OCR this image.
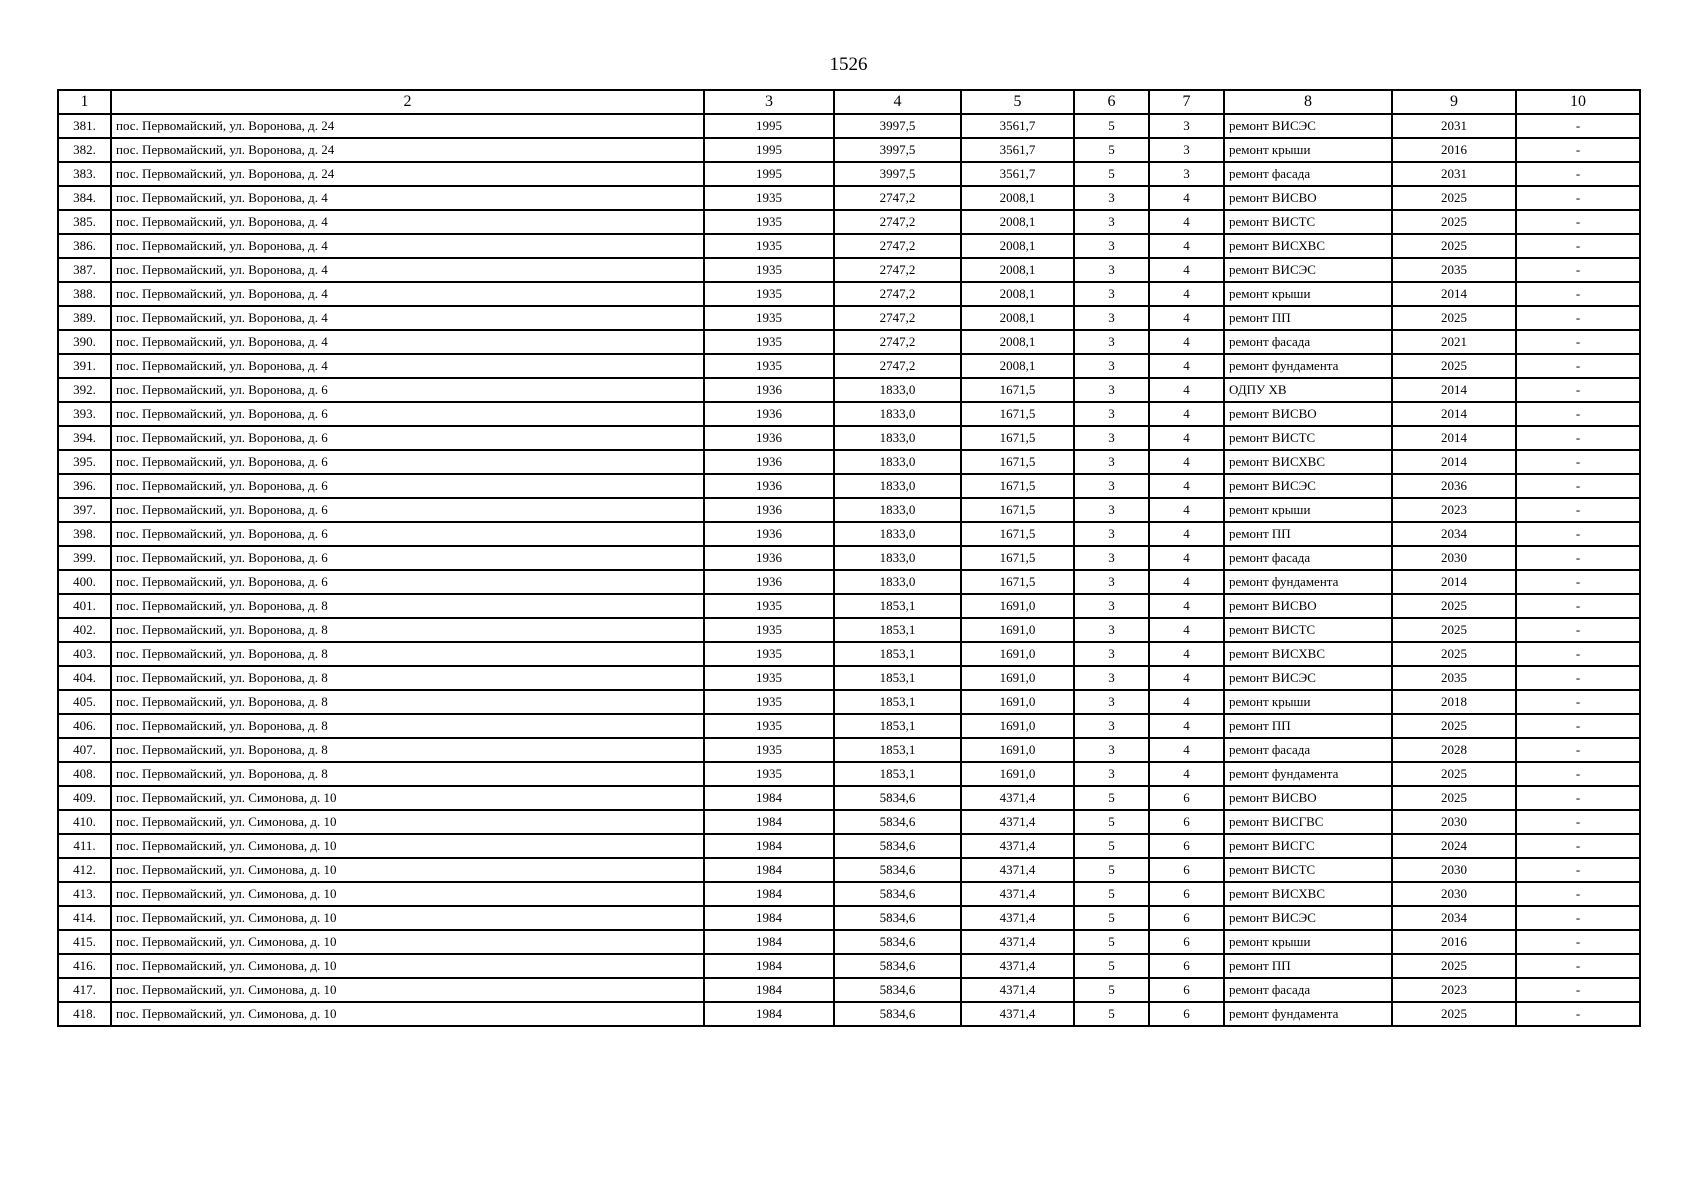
1526
1	2	3	4	5	6	7	8	9	10
381.	пос. Первомайский, ул. Воронова, д. 24	1995	3997,5	3561,7	5	3	ремонт ВИСЭС	2031	-
382.	пос. Первомайский, ул. Воронова, д. 24	1995	3997,5	3561,7	5	3	ремонт крыши	2016	-
383.	пос. Первомайский, ул. Воронова, д. 24	1995	3997,5	3561,7	5	3	ремонт фасада	2031	-
384.	пос. Первомайский, ул. Воронова, д. 4	1935	2747,2	2008,1	3	4	ремонт ВИСВО	2025	-
385.	пос. Первомайский, ул. Воронова, д. 4	1935	2747,2	2008,1	3	4	ремонт ВИСТС	2025	-
386.	пос. Первомайский, ул. Воронова, д. 4	1935	2747,2	2008,1	3	4	ремонт ВИСХВС	2025	-
387.	пос. Первомайский, ул. Воронова, д. 4	1935	2747,2	2008,1	3	4	ремонт ВИСЭС	2035	-
388.	пос. Первомайский, ул. Воронова, д. 4	1935	2747,2	2008,1	3	4	ремонт крыши	2014	-
389.	пос. Первомайский, ул. Воронова, д. 4	1935	2747,2	2008,1	3	4	ремонт ПП	2025	-
390.	пос. Первомайский, ул. Воронова, д. 4	1935	2747,2	2008,1	3	4	ремонт фасада	2021	-
391.	пос. Первомайский, ул. Воронова, д. 4	1935	2747,2	2008,1	3	4	ремонт фундамента	2025	-
392.	пос. Первомайский, ул. Воронова, д. 6	1936	1833,0	1671,5	3	4	ОДПУ ХВ	2014	-
393.	пос. Первомайский, ул. Воронова, д. 6	1936	1833,0	1671,5	3	4	ремонт ВИСВО	2014	-
394.	пос. Первомайский, ул. Воронова, д. 6	1936	1833,0	1671,5	3	4	ремонт ВИСТС	2014	-
395.	пос. Первомайский, ул. Воронова, д. 6	1936	1833,0	1671,5	3	4	ремонт ВИСХВС	2014	-
396.	пос. Первомайский, ул. Воронова, д. 6	1936	1833,0	1671,5	3	4	ремонт ВИСЭС	2036	-
397.	пос. Первомайский, ул. Воронова, д. 6	1936	1833,0	1671,5	3	4	ремонт крыши	2023	-
398.	пос. Первомайский, ул. Воронова, д. 6	1936	1833,0	1671,5	3	4	ремонт ПП	2034	-
399.	пос. Первомайский, ул. Воронова, д. 6	1936	1833,0	1671,5	3	4	ремонт фасада	2030	-
400.	пос. Первомайский, ул. Воронова, д. 6	1936	1833,0	1671,5	3	4	ремонт фундамента	2014	-
401.	пос. Первомайский, ул. Воронова, д. 8	1935	1853,1	1691,0	3	4	ремонт ВИСВО	2025	-
402.	пос. Первомайский, ул. Воронова, д. 8	1935	1853,1	1691,0	3	4	ремонт ВИСТС	2025	-
403.	пос. Первомайский, ул. Воронова, д. 8	1935	1853,1	1691,0	3	4	ремонт ВИСХВС	2025	-
404.	пос. Первомайский, ул. Воронова, д. 8	1935	1853,1	1691,0	3	4	ремонт ВИСЭС	2035	-
405.	пос. Первомайский, ул. Воронова, д. 8	1935	1853,1	1691,0	3	4	ремонт крыши	2018	-
406.	пос. Первомайский, ул. Воронова, д. 8	1935	1853,1	1691,0	3	4	ремонт ПП	2025	-
407.	пос. Первомайский, ул. Воронова, д. 8	1935	1853,1	1691,0	3	4	ремонт фасада	2028	-
408.	пос. Первомайский, ул. Воронова, д. 8	1935	1853,1	1691,0	3	4	ремонт фундамента	2025	-
409.	пос. Первомайский, ул. Симонова, д. 10	1984	5834,6	4371,4	5	6	ремонт ВИСВО	2025	-
410.	пос. Первомайский, ул. Симонова, д. 10	1984	5834,6	4371,4	5	6	ремонт ВИСГВС	2030	-
411.	пос. Первомайский, ул. Симонова, д. 10	1984	5834,6	4371,4	5	6	ремонт ВИСГС	2024	-
412.	пос. Первомайский, ул. Симонова, д. 10	1984	5834,6	4371,4	5	6	ремонт ВИСТС	2030	-
413.	пос. Первомайский, ул. Симонова, д. 10	1984	5834,6	4371,4	5	6	ремонт ВИСХВС	2030	-
414.	пос. Первомайский, ул. Симонова, д. 10	1984	5834,6	4371,4	5	6	ремонт ВИСЭС	2034	-
415.	пос. Первомайский, ул. Симонова, д. 10	1984	5834,6	4371,4	5	6	ремонт крыши	2016	-
416.	пос. Первомайский, ул. Симонова, д. 10	1984	5834,6	4371,4	5	6	ремонт ПП	2025	-
417.	пос. Первомайский, ул. Симонова, д. 10	1984	5834,6	4371,4	5	6	ремонт фасада	2023	-
418.	пос. Первомайский, ул. Симонова, д. 10	1984	5834,6	4371,4	5	6	ремонт фундамента	2025	-
